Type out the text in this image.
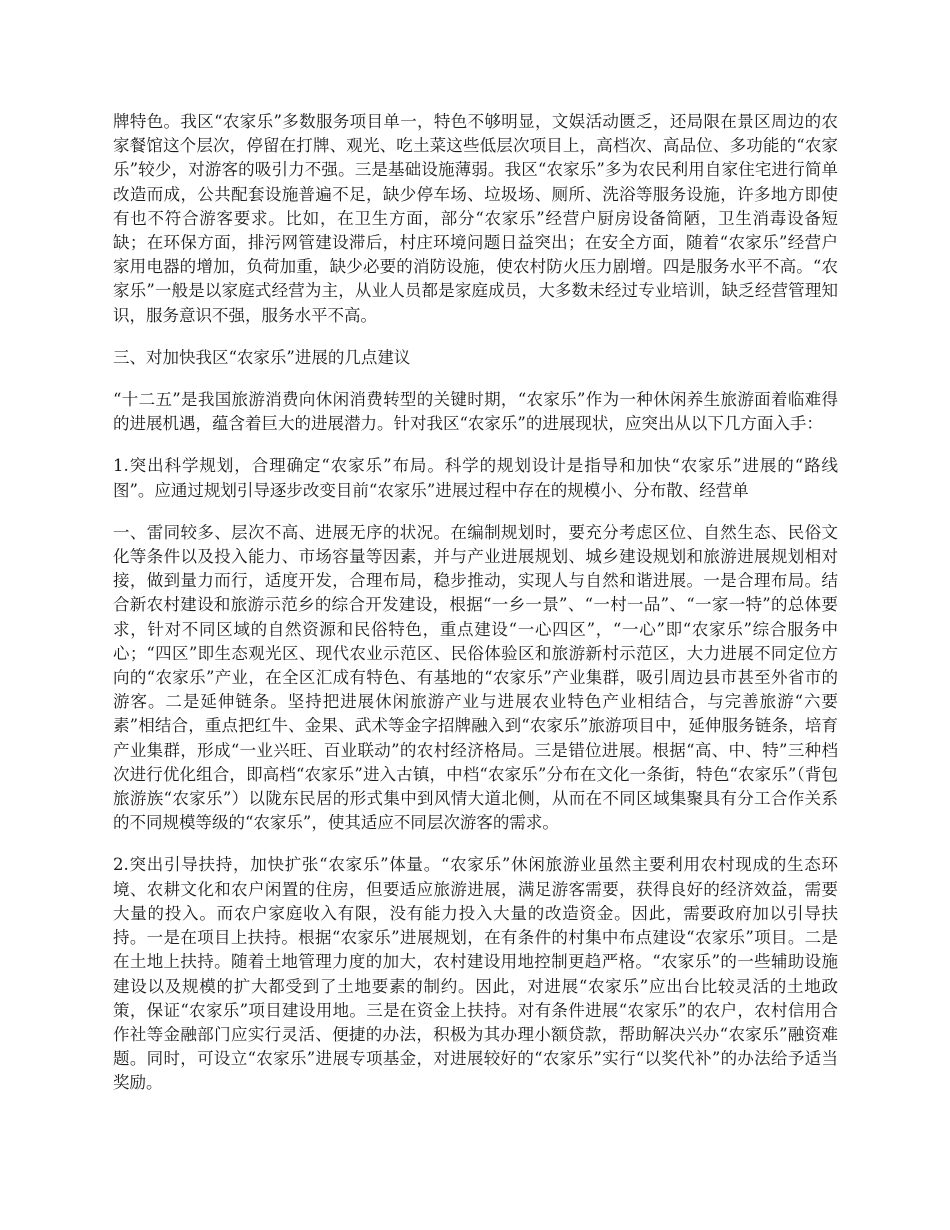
牌特色。我区“农家乐”多数服务项目单一，特色不够明显，文娱活动匮乏，还局限在景区周边的农家餐馆这个层次，停留在打牌、观光、吃土菜这些低层次项目上，高档次、高品位、多功能的“农家乐”较少，对游客的吸引力不强。三是基础设施薄弱。我区“农家乐”多为农民利用自家住宅进行简单改造而成，公共配套设施普遍不足，缺少停车场、垃圾场、厕所、洗浴等服务设施，许多地方即使有也不符合游客要求。比如，在卫生方面，部分“农家乐”经营户厨房设备简陋，卫生消毒设备短缺；在环保方面，排污网管建设滞后，村庄环境问题日益突出；在安全方面，随着“农家乐”经营户家用电器的增加，负荷加重，缺少必要的消防设施，使农村防火压力剧增。四是服务水平不高。“农家乐”一般是以家庭式经营为主，从业人员都是家庭成员，大多数未经过专业培训，缺乏经营管理知识，服务意识不强，服务水平不高。

三、对加快我区“农家乐”进展的几点建议

“十二五”是我国旅游消费向休闲消费转型的关键时期，“农家乐”作为一种休闲养生旅游面着临难得的进展机遇，蕴含着巨大的进展潜力。针对我区“农家乐”的进展现状，应突出从以下几方面入手：

1.突出科学规划，合理确定“农家乐”布局。科学的规划设计是指导和加快“农家乐”进展的“路线图”。应通过规划引导逐步改变目前“农家乐”进展过程中存在的规模小、分布散、经营单

一、雷同较多、层次不高、进展无序的状况。在编制规划时，要充分考虑区位、自然生态、民俗文化等条件以及投入能力、市场容量等因素，并与产业进展规划、城乡建设规划和旅游进展规划相对接，做到量力而行，适度开发，合理布局，稳步推动，实现人与自然和谐进展。一是合理布局。结合新农村建设和旅游示范乡的综合开发建设，根据“一乡一景”、“一村一品”、“一家一特”的总体要求，针对不同区域的自然资源和民俗特色，重点建设“一心四区”，“一心”即“农家乐”综合服务中心；“四区”即生态观光区、现代农业示范区、民俗体验区和旅游新村示范区，大力进展不同定位方向的“农家乐”产业，在全区汇成有特色、有基地的“农家乐”产业集群，吸引周边县市甚至外省市的游客。二是延伸链条。坚持把进展休闲旅游产业与进展农业特色产业相结合，与完善旅游“六要素”相结合，重点把红牛、金果、武术等金字招牌融入到“农家乐”旅游项目中，延伸服务链条，培育产业集群，形成“一业兴旺、百业联动”的农村经济格局。三是错位进展。根据“高、中、特”三种档次进行优化组合，即高档“农家乐”进入古镇，中档“农家乐”分布在文化一条街，特色“农家乐”（背包旅游族“农家乐”）以陇东民居的形式集中到风情大道北侧，从而在不同区域集聚具有分工合作关系的不同规模等级的“农家乐”，使其适应不同层次游客的需求。

2.突出引导扶持，加快扩张“农家乐”体量。“农家乐”休闲旅游业虽然主要利用农村现成的生态环境、农耕文化和农户闲置的住房，但要适应旅游进展，满足游客需要，获得良好的经济效益，需要大量的投入。而农户家庭收入有限，没有能力投入大量的改造资金。因此，需要政府加以引导扶持。一是在项目上扶持。根据“农家乐”进展规划，在有条件的村集中布点建设“农家乐”项目。二是在土地上扶持。随着土地管理力度的加大，农村建设用地控制更趋严格。“农家乐”的一些辅助设施建设以及规模的扩大都受到了土地要素的制约。因此，对进展“农家乐”应出台比较灵活的土地政策，保证“农家乐”项目建设用地。三是在资金上扶持。对有条件进展“农家乐”的农户，农村信用合作社等金融部门应实行灵活、便捷的办法，积极为其办理小额贷款，帮助解决兴办“农家乐”融资难题。同时，可设立“农家乐”进展专项基金，对进展较好的“农家乐”实行“以奖代补”的办法给予适当奖励。
